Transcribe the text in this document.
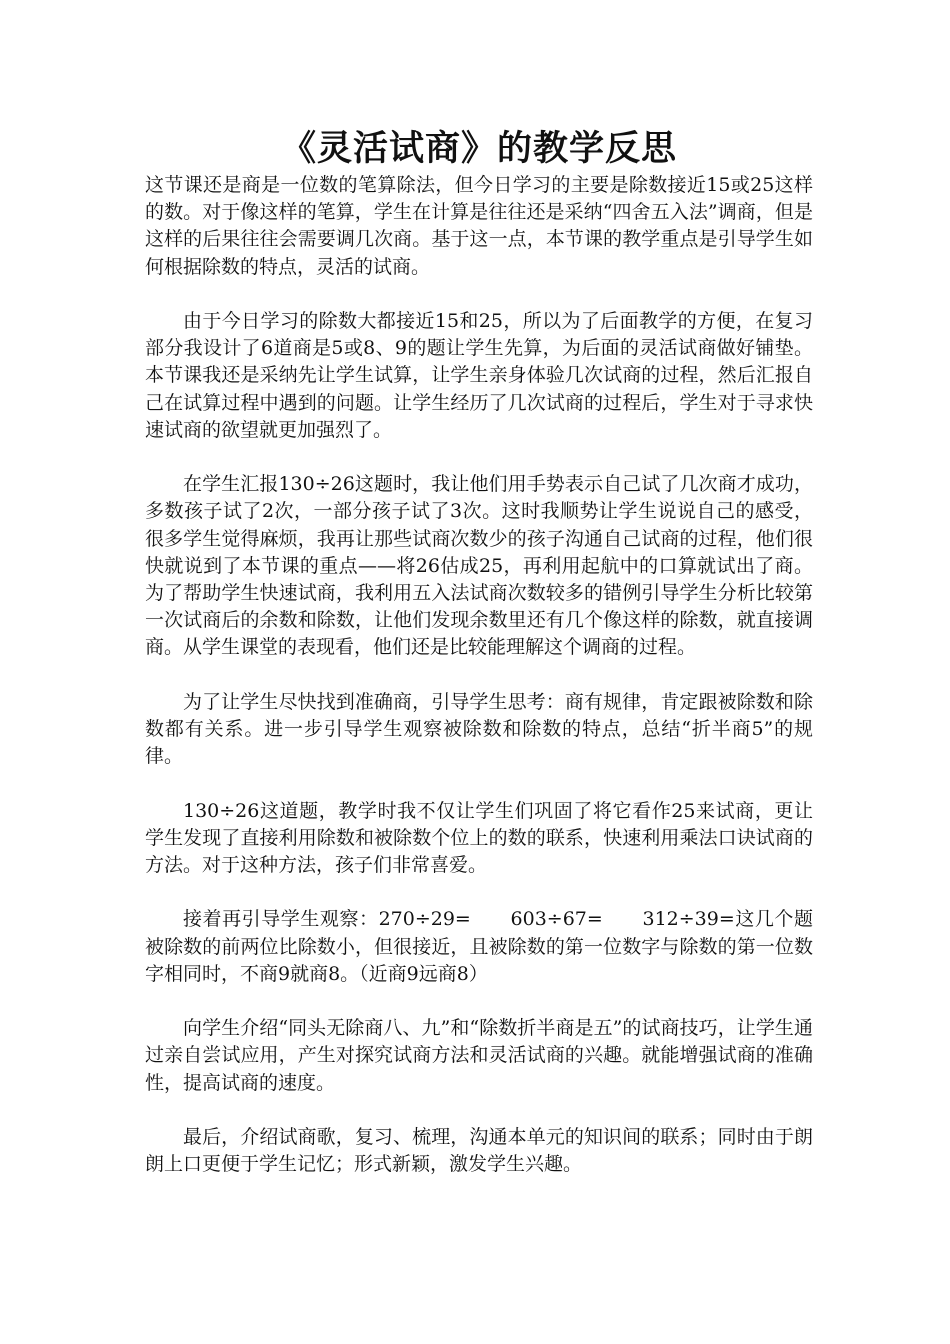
《灵活试商》的教学反思

这节课还是商是一位数的笔算除法，但今日学习的主要是除数接近15或25这样的数。对于像这样的笔算，学生在计算是往往还是采纳“四舍五入法”调商，但是这样的后果往往会需要调几次商。基于这一点，本节课的教学重点是引导学生如何根据除数的特点，灵活的试商。

由于今日学习的除数大都接近15和25，所以为了后面教学的方便，在复习部分我设计了6道商是5或8、9的题让学生先算，为后面的灵活试商做好铺垫。本节课我还是采纳先让学生试算，让学生亲身体验几次试商的过程，然后汇报自己在试算过程中遇到的问题。让学生经历了几次试商的过程后，学生对于寻求快速试商的欲望就更加强烈了。

在学生汇报130÷26这题时，我让他们用手势表示自己试了几次商才成功，多数孩子试了2次，一部分孩子试了3次。这时我顺势让学生说说自己的感受，很多学生觉得麻烦，我再让那些试商次数少的孩子沟通自己试商的过程，他们很快就说到了本节课的重点——将26估成25，再利用起航中的口算就试出了商。为了帮助学生快速试商，我利用五入法试商次数较多的错例引导学生分析比较第一次试商后的余数和除数，让他们发现余数里还有几个像这样的除数，就直接调商。从学生课堂的表现看，他们还是比较能理解这个调商的过程。

为了让学生尽快找到准确商，引导学生思考：商有规律，肯定跟被除数和除数都有关系。进一步引导学生观察被除数和除数的特点，总结“折半商5”的规律。

130÷26这道题，教学时我不仅让学生们巩固了将它看作25来试商，更让学生发现了直接利用除数和被除数个位上的数的联系，快速利用乘法口诀试商的方法。对于这种方法，孩子们非常喜爱。

接着再引导学生观察：270÷29=　　603÷67=　　312÷39=这几个题被除数的前两位比除数小，但很接近，且被除数的第一位数字与除数的第一位数字相同时，不商9就商8。（近商9远商8）

向学生介绍“同头无除商八、九”和“除数折半商是五”的试商技巧，让学生通过亲自尝试应用，产生对探究试商方法和灵活试商的兴趣。就能增强试商的准确性，提高试商的速度。

最后，介绍试商歌，复习、梳理，沟通本单元的知识间的联系；同时由于朗朗上口更便于学生记忆；形式新颖，激发学生兴趣。
